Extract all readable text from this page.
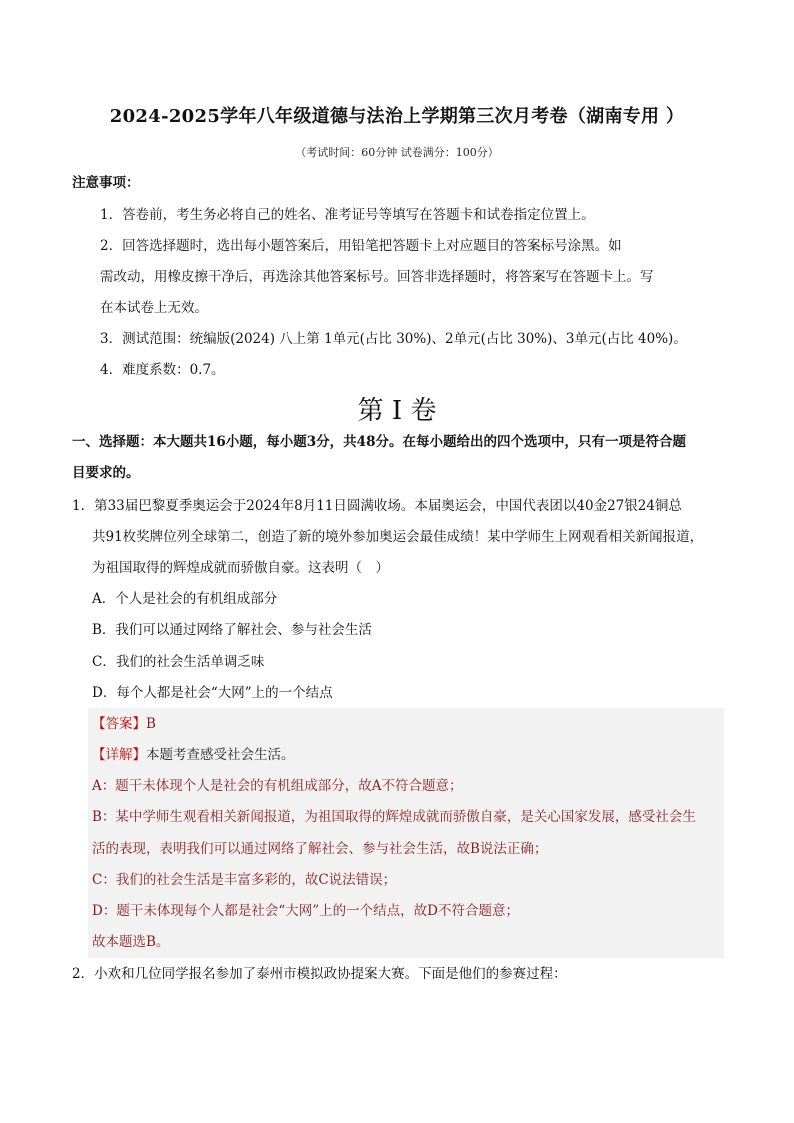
2024-2025学年八年级道德与法治上学期第三次月考卷（湖南专用 ）
（考试时间：60分钟 试卷满分：100分）
注意事项：
1．答卷前，考生务必将自己的姓名、准考证号等填写在答题卡和试卷指定位置上。
2．回答选择题时，选出每小题答案后，用铅笔把答题卡上对应题目的答案标号涂黑。如
需改动，用橡皮擦干净后，再选涂其他答案标号。回答非选择题时，将答案写在答题卡上。写
在本试卷上无效。
3．测试范围：统编版(2024) 八上第 1单元(占比 30%)、2单元(占比 30%)、3单元(占比 40%)。
4．难度系数：0.7。
第 I 卷
一、选择题：本大题共16小题，每小题3分，共48分。在每小题给出的四个选项中，只有一项是符合题
目要求的。
1．第33届巴黎夏季奥运会于2024年8月11日圆满收场。本届奥运会，中国代表团以40金27银24铜总
共91枚奖牌位列全球第二，创造了新的境外参加奥运会最佳成绩！某中学师生上网观看相关新闻报道，
为祖国取得的辉煌成就而骄傲自豪。这表明（　）
A．个人是社会的有机组成部分
B．我们可以通过网络了解社会、参与社会生活
C．我们的社会生活单调乏味
D．每个人都是社会“大网”上的一个结点
【答案】B
【详解】本题考查感受社会生活。
A：题干未体现个人是社会的有机组成部分，故A不符合题意；
B：某中学师生观看相关新闻报道，为祖国取得的辉煌成就而骄傲自豪，是关心国家发展，感受社会生
活的表现，表明我们可以通过网络了解社会、参与社会生活，故B说法正确；
C：我们的社会生活是丰富多彩的，故C说法错误；
D：题干未体现每个人都是社会“大网”上的一个结点，故D不符合题意；
故本题选B。
2．小欢和几位同学报名参加了泰州市模拟政协提案大赛。下面是他们的参赛过程：
